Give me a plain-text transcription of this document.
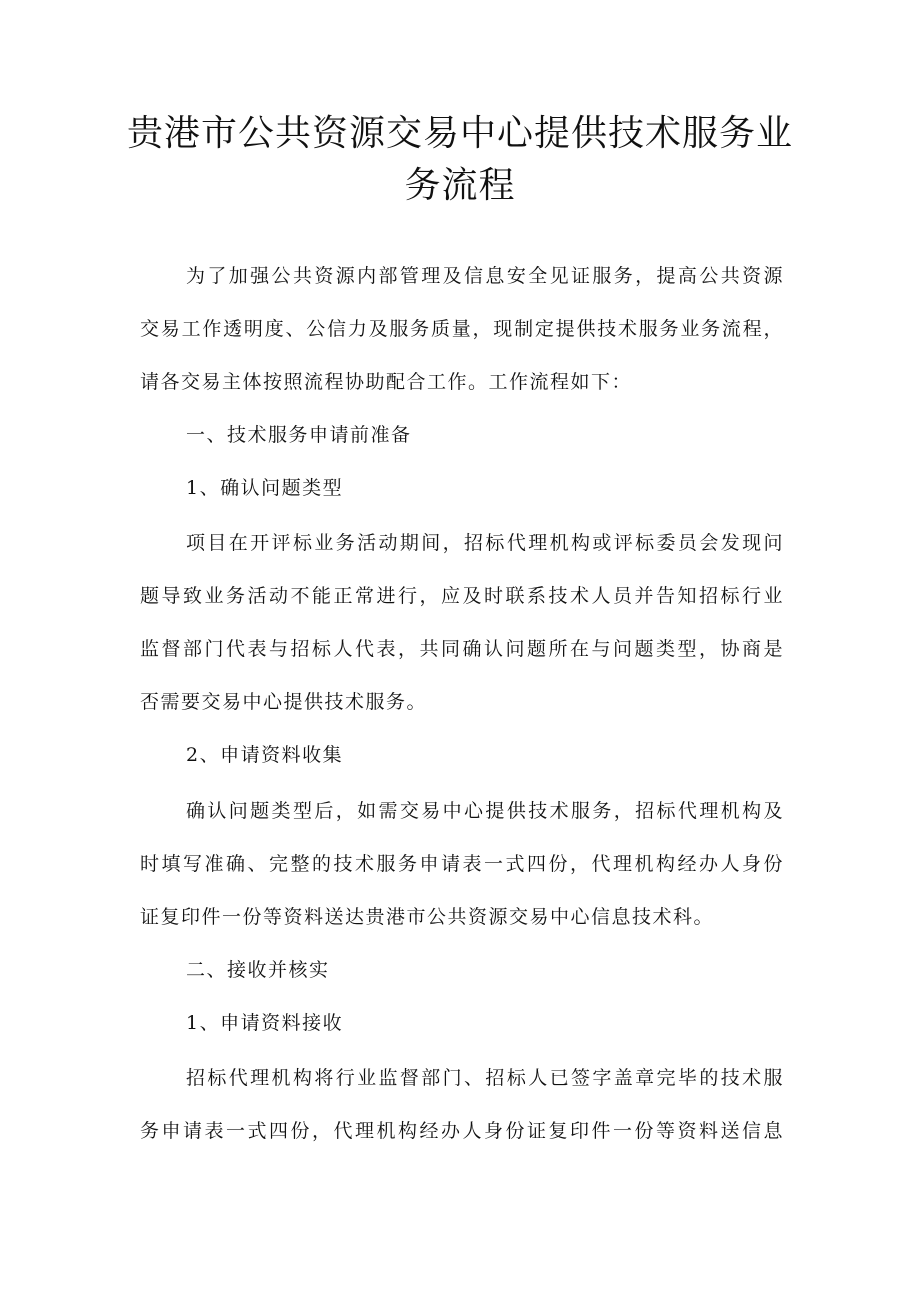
贵港市公共资源交易中心提供技术服务业
务流程
为了加强公共资源内部管理及信息安全见证服务，提高公共资源
交易工作透明度、公信力及服务质量，现制定提供技术服务业务流程，
请各交易主体按照流程协助配合工作。工作流程如下：
一、技术服务申请前准备
1、确认问题类型
项目在开评标业务活动期间，招标代理机构或评标委员会发现问
题导致业务活动不能正常进行，应及时联系技术人员并告知招标行业
监督部门代表与招标人代表，共同确认问题所在与问题类型，协商是
否需要交易中心提供技术服务。
2、申请资料收集
确认问题类型后，如需交易中心提供技术服务，招标代理机构及
时填写准确、完整的技术服务申请表一式四份，代理机构经办人身份
证复印件一份等资料送达贵港市公共资源交易中心信息技术科。
二、接收并核实
1、申请资料接收
招标代理机构将行业监督部门、招标人已签字盖章完毕的技术服
务申请表一式四份，代理机构经办人身份证复印件一份等资料送信息
